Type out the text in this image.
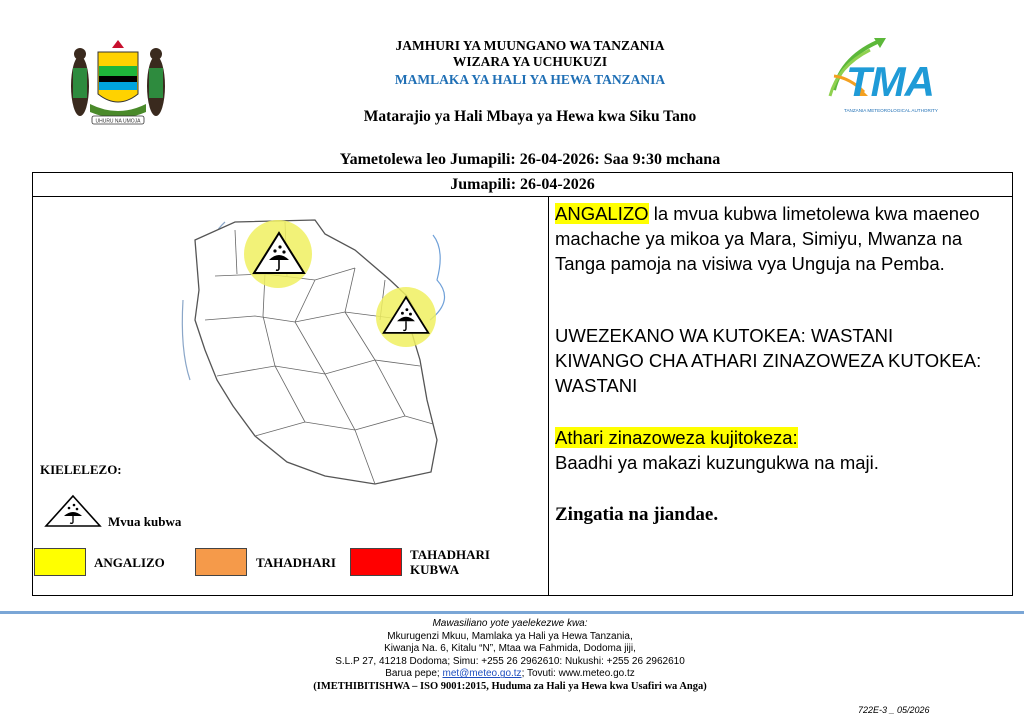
UHURU NA UMOJA
JAMHURI YA MUUNGANO WA TANZANIA
WIZARA YA UCHUKUZI
MAMLAKA YA HALI YA HEWA TANZANIA
Matarajio ya Hali Mbaya ya Hewa kwa Siku Tano
TMA
TANZANIA METEOROLOGICAL AUTHORITY
Yametolewa leo Jumapili: 26-04-2026: Saa 9:30 mchana
Jumapili: 26-04-2026
KIELELEZO:
Mvua kubwa
ANGALIZO	TAHADHARI
TAHADHARI KUBWA
ANGALIZO la mvua kubwa limetolewa kwa maeneo machache ya mikoa ya Mara, Simiyu, Mwanza na Tanga pamoja na visiwa vya Unguja na Pemba.
UWEZEKANO WA KUTOKEA: WASTANI
KIWANGO CHA ATHARI ZINAZOWEZA KUTOKEA: WASTANI
Athari zinazoweza kujitokeza:
Baadhi ya makazi kuzungukwa na maji.
Zingatia na jiandae.
Mawasiliano yote yaelekezwe kwa:
Mkurugenzi Mkuu, Mamlaka ya Hali ya Hewa Tanzania,
Kiwanja Na. 6, Kitalu “N”, Mtaa wa Fahmida, Dodoma jiji,
S.L.P 27, 41218 Dodoma; Simu: +255 26 2962610: Nukushi: +255 26 2962610
Barua pepe; met@meteo.go.tz; Tovuti: www.meteo.go.tz
(IMETHIBITISHWA – ISO 9001:2015, Huduma za Hali ya Hewa kwa Usafiri wa Anga)
722E-3 _ 05/2026
